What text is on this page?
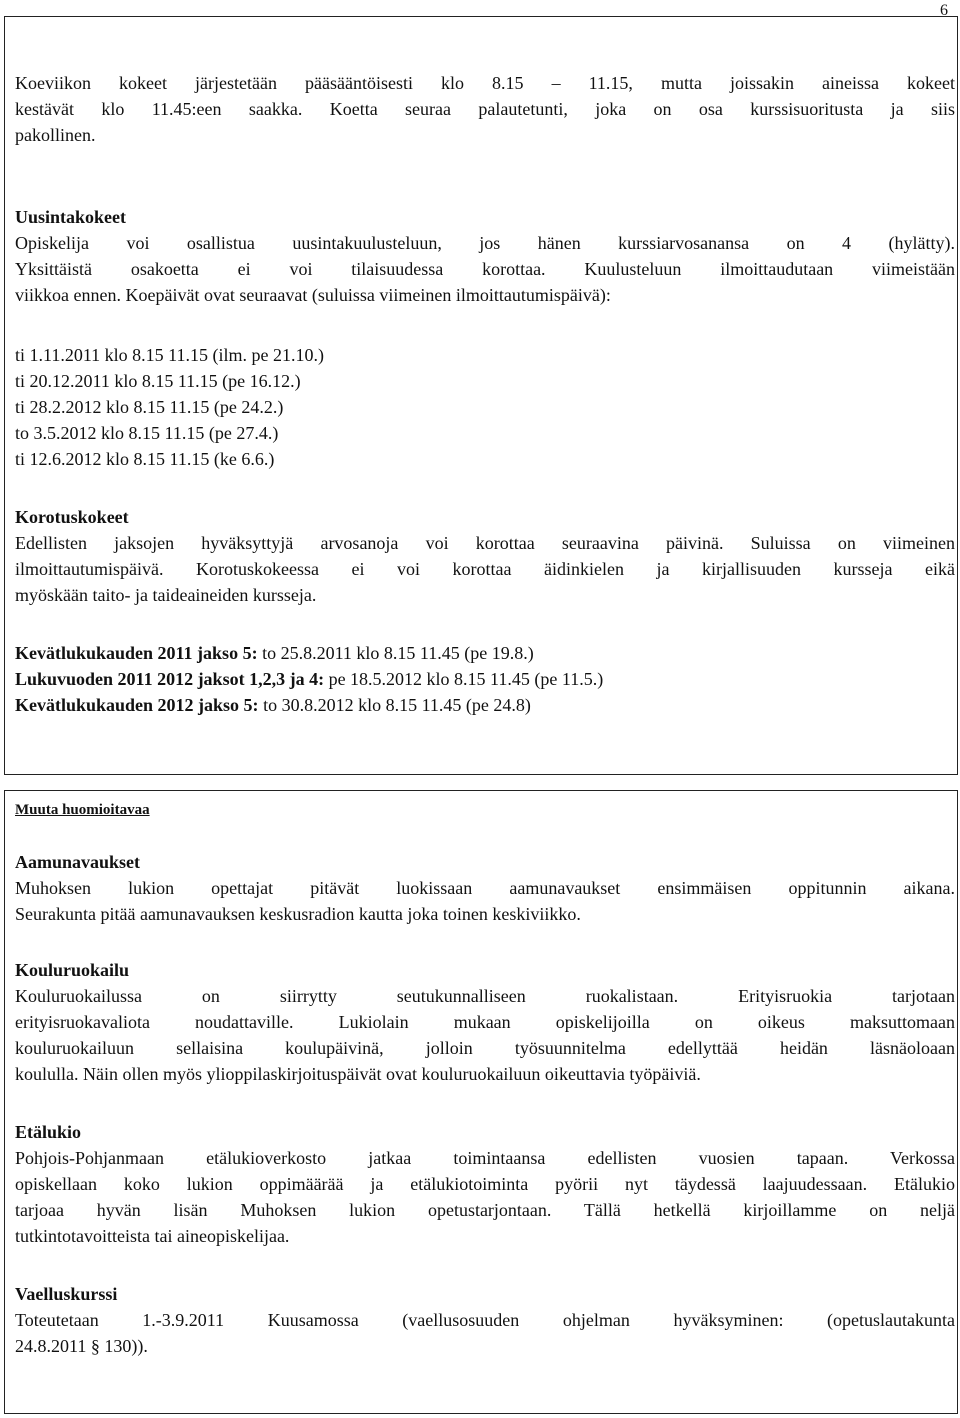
6
Koeviikon kokeet järjestetään pääsääntöisesti klo 8.15 – 11.15, mutta joissakin aineissa kokeet
kestävät klo 11.45:een saakka. Koetta seuraa palautetunti, joka on osa kurssisuoritusta ja siis
pakollinen.
Uusintakokeet
Opiskelija voi osallistua uusintakuulusteluun, jos hänen kurssiarvosanansa on 4 (hylätty).
Yksittäistä osakoetta ei voi tilaisuudessa korottaa. Kuulusteluun ilmoittaudutaan viimeistään
viikkoa ennen. Koepäivät ovat seuraavat (suluissa viimeinen ilmoittautumispäivä):
ti 1.11.2011 klo 8.15 11.15 (ilm. pe 21.10.)
ti 20.12.2011 klo 8.15 11.15 (pe 16.12.)
ti 28.2.2012 klo 8.15 11.15 (pe 24.2.)
to 3.5.2012 klo 8.15 11.15 (pe 27.4.)
ti 12.6.2012 klo 8.15 11.15 (ke 6.6.)
Korotuskokeet
Edellisten jaksojen hyväksyttyjä arvosanoja voi korottaa seuraavina päivinä. Suluissa on viimeinen
ilmoittautumispäivä. Korotuskokeessa ei voi korottaa äidinkielen ja kirjallisuuden kursseja eikä
myöskään taito- ja taideaineiden kursseja.
Kevätlukukauden 2011 jakso 5: to 25.8.2011 klo 8.15 11.45 (pe 19.8.)
Lukuvuoden 2011 2012 jaksot 1,2,3 ja 4: pe 18.5.2012 klo 8.15 11.45 (pe 11.5.)
Kevätlukukauden 2012 jakso 5: to 30.8.2012 klo 8.15 11.45 (pe 24.8)
Muuta huomioitavaa
Aamunavaukset
Muhoksen lukion opettajat pitävät luokissaan aamunavaukset ensimmäisen oppitunnin aikana.
Seurakunta pitää aamunavauksen keskusradion kautta joka toinen keskiviikko.
Kouluruokailu
Kouluruokailussa on siirrytty seutukunnalliseen ruokalistaan. Erityisruokia tarjotaan
erityisruokavaliota noudattaville. Lukiolain mukaan opiskelijoilla on oikeus maksuttomaan
kouluruokailuun sellaisina koulupäivinä, jolloin työsuunnitelma edellyttää heidän läsnäoloaan
koululla. Näin ollen myös ylioppilaskirjoituspäivät ovat kouluruokailuun oikeuttavia työpäiviä.
Etälukio
Pohjois-Pohjanmaan etälukioverkosto jatkaa toimintaansa edellisten vuosien tapaan. Verkossa
opiskellaan koko lukion oppimäärää ja etälukiotoiminta pyörii nyt täydessä laajuudessaan. Etälukio
tarjoaa hyvän lisän Muhoksen lukion opetustarjontaan. Tällä hetkellä kirjoillamme on neljä
tutkintotavoitteista tai aineopiskelijaa.
Vaelluskurssi
Toteutetaan 1.-3.9.2011 Kuusamossa (vaellusosuuden ohjelman hyväksyminen: (opetuslautakunta
24.8.2011 § 130)).
